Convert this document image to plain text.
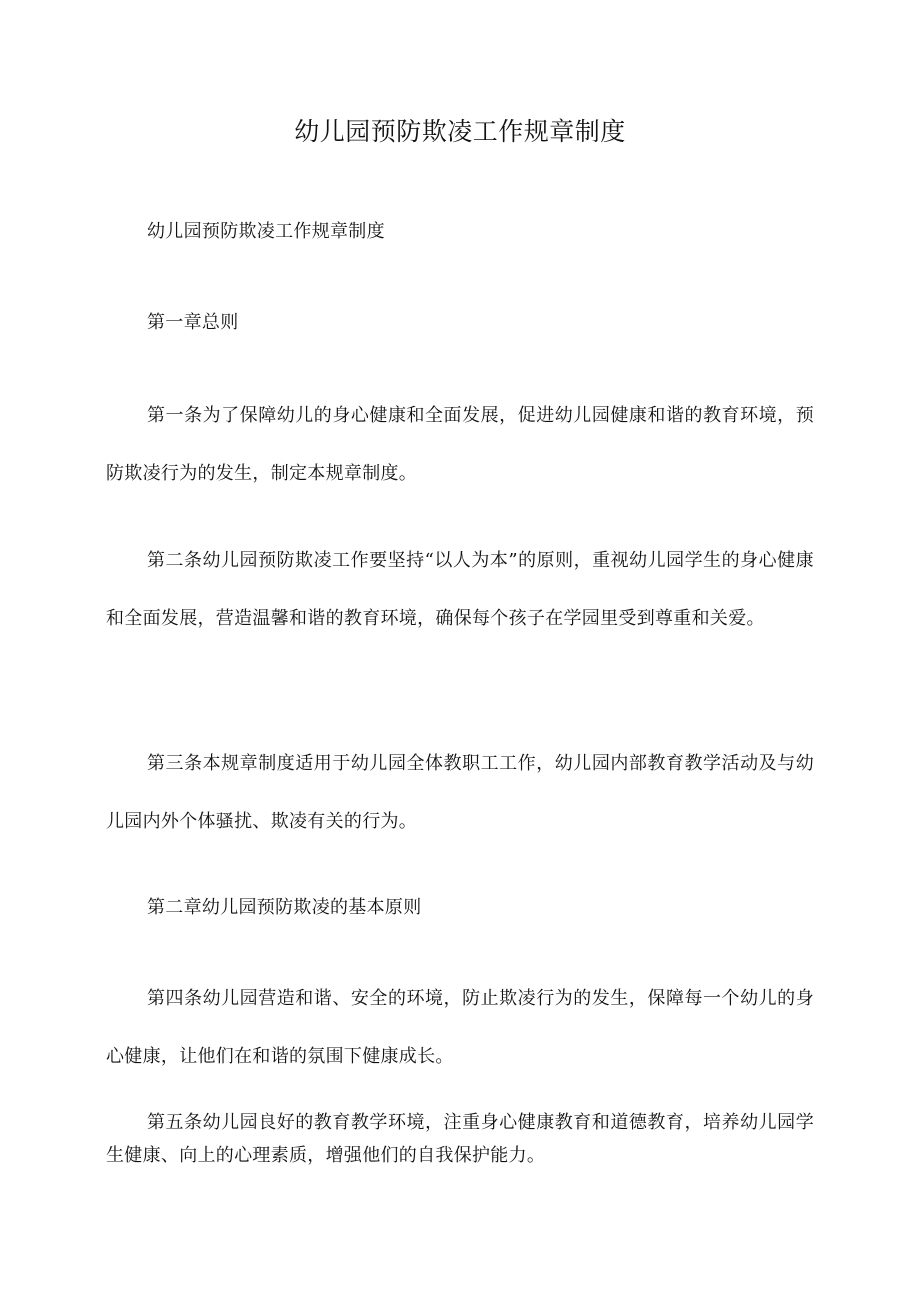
幼儿园预防欺凌工作规章制度

幼儿园预防欺凌工作规章制度

第一章总则

第一条为了保障幼儿的身心健康和全面发展，促进幼儿园健康和谐的教育环境，预防欺凌行为的发生，制定本规章制度。

第二条幼儿园预防欺凌工作要坚持“以人为本”的原则，重视幼儿园学生的身心健康和全面发展，营造温馨和谐的教育环境，确保每个孩子在学园里受到尊重和关爱。

第三条本规章制度适用于幼儿园全体教职工工作，幼儿园内部教育教学活动及与幼儿园内外个体骚扰、欺凌有关的行为。

第二章幼儿园预防欺凌的基本原则

第四条幼儿园营造和谐、安全的环境，防止欺凌行为的发生，保障每一个幼儿的身心健康，让他们在和谐的氛围下健康成长。

第五条幼儿园良好的教育教学环境，注重身心健康教育和道德教育，培养幼儿园学生健康、向上的心理素质，增强他们的自我保护能力。
